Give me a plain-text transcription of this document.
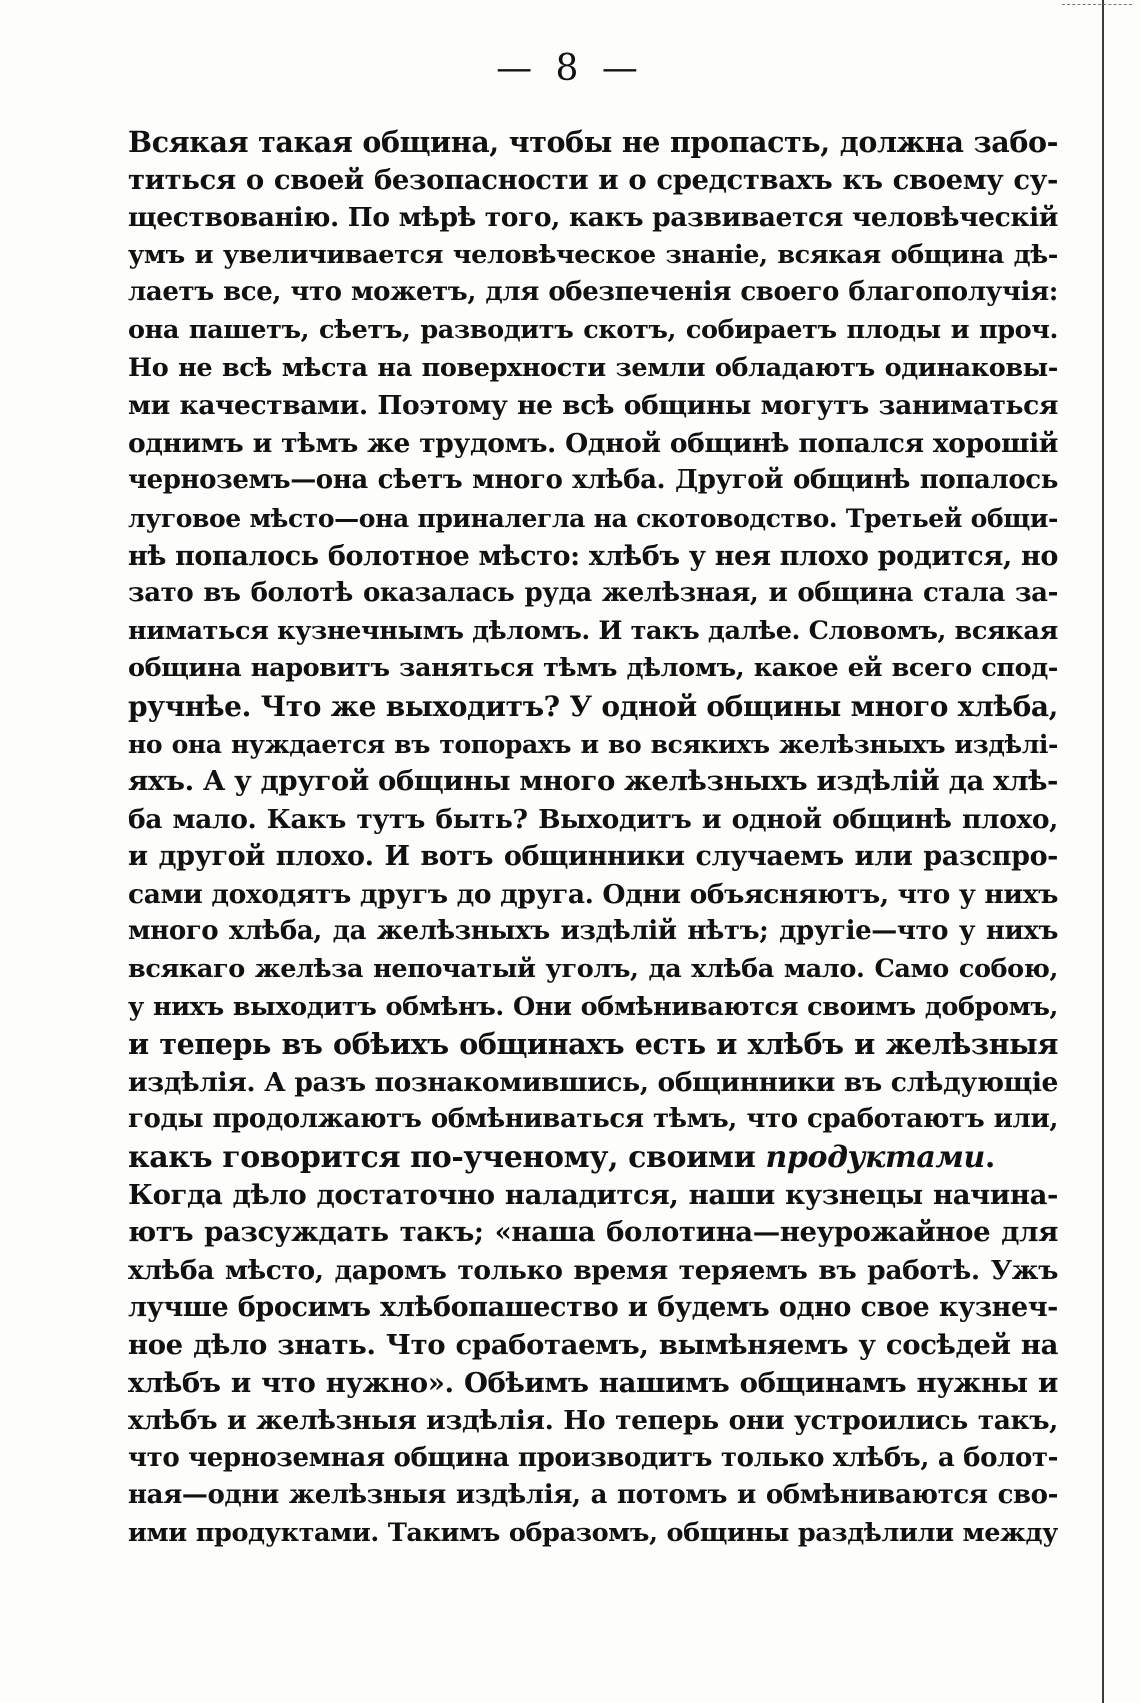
— 8 —
Всякая такая община, чтобы не пропасть, должна забо-
титься о своей безопасности и о средствахъ къ своему су-
ществованію. По мѣрѣ того, какъ развивается человѣческій
умъ и увеличивается человѣческое знаніе, всякая община дѣ-
лаетъ все, что можетъ, для обезпеченія своего благополучія:
она пашетъ, сѣетъ, разводитъ скотъ, собираетъ плоды и проч.
Но не всѣ мѣста на поверхности земли обладаютъ одинаковы-
ми качествами. Поэтому не всѣ общины могутъ заниматься
однимъ и тѣмъ же трудомъ. Одной общинѣ попался хорошій
черноземъ—она сѣетъ много хлѣба. Другой общинѣ попалось
луговое мѣсто—она приналегла на скотоводство. Третьей общи-
нѣ попалось болотное мѣсто: хлѣбъ у нея плохо родится, но
зато въ болотѣ оказалась руда желѣзная, и община стала за-
ниматься кузнечнымъ дѣломъ. И такъ далѣе. Словомъ, всякая
община наровитъ заняться тѣмъ дѣломъ, какое ей всего спод-
ручнѣе. Что же выходитъ? У одной общины много хлѣба,
но она нуждается въ топорахъ и во всякихъ желѣзныхъ издѣлі-
яхъ. А у другой общины много желѣзныхъ издѣлій да хлѣ-
ба мало. Какъ тутъ быть? Выходитъ и одной общинѣ плохо,
и другой плохо. И вотъ общинники случаемъ или разспро-
сами доходятъ другъ до друга. Одни объясняютъ, что у нихъ
много хлѣба, да желѣзныхъ издѣлій нѣтъ; другіе—что у нихъ
всякаго желѣза непочатый уголъ, да хлѣба мало. Само собою,
у нихъ выходитъ обмѣнъ. Они обмѣниваются своимъ добромъ,
и теперь въ обѣихъ общинахъ есть и хлѣбъ и желѣзныя
издѣлія. А разъ познакомившись, общинники въ слѣдующіе
годы продолжаютъ обмѣниваться тѣмъ, что сработаютъ или,
какъ говорится по-ученому, своими продуктами.
Когда дѣло достаточно наладится, наши кузнецы начина-
ютъ разсуждать такъ; «наша болотина—неурожайное для
хлѣба мѣсто, даромъ только время теряемъ въ работѣ. Ужъ
лучше бросимъ хлѣбопашество и будемъ одно свое кузнеч-
ное дѣло знать. Что сработаемъ, вымѣняемъ у сосѣдей на
хлѣбъ и что нужно». Обѣимъ нашимъ общинамъ нужны и
хлѣбъ и желѣзныя издѣлія. Но теперь они устроились такъ,
что черноземная община производитъ только хлѣбъ, а болот-
ная—одни желѣзныя издѣлія, а потомъ и обмѣниваются сво-
ими продуктами. Такимъ образомъ, общины раздѣлили между
